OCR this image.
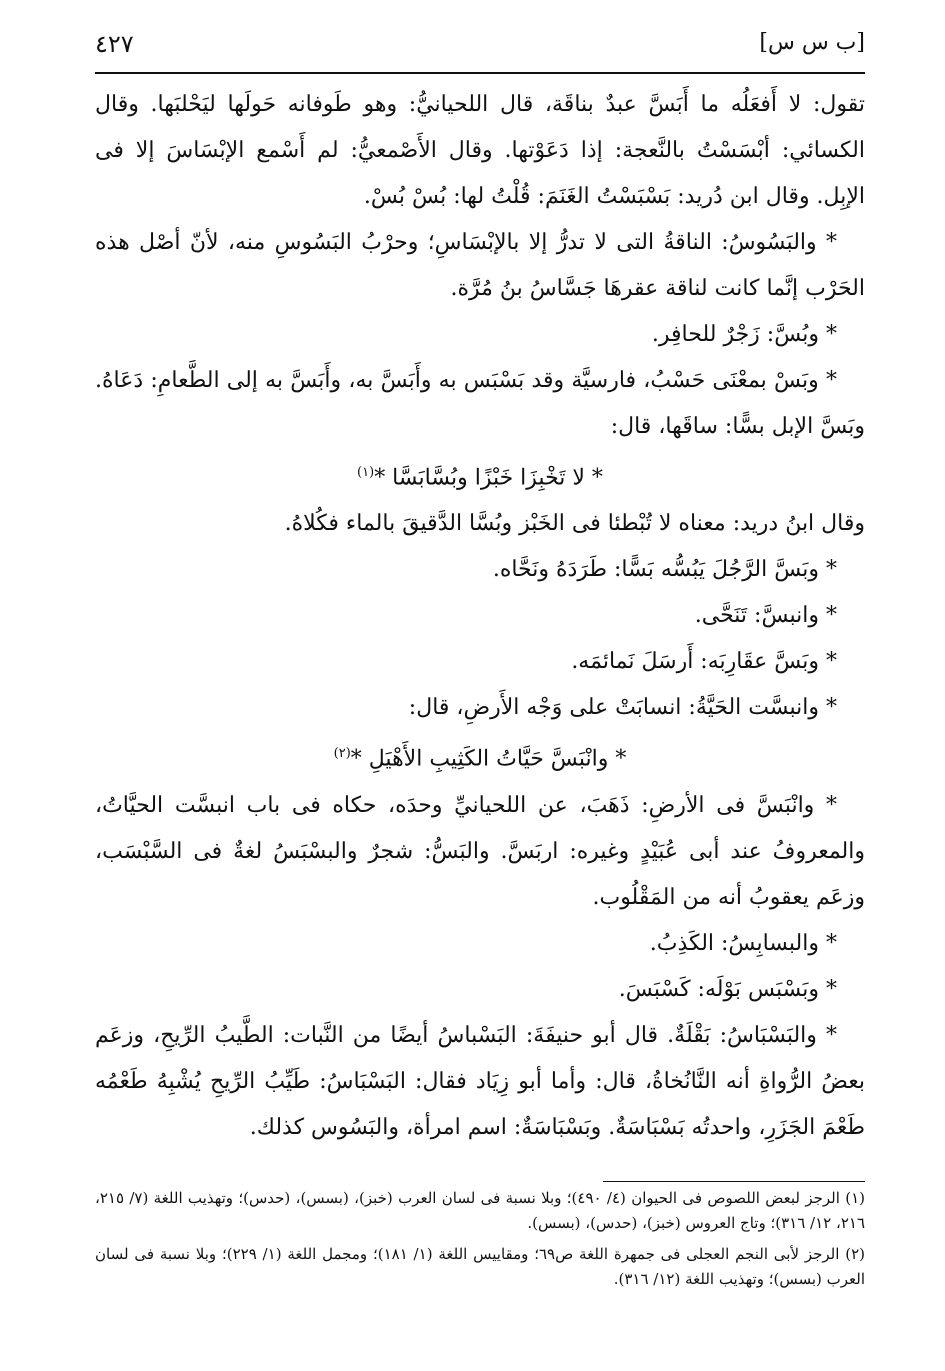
٤٢٧	[ب س س]

تقول: لا أَفعَلُه ما أَبَسَّ عبدٌ بناقَة، قال اللحيانيُّ: وهو طَوفانه حَولَها ليَحْلبَها. وقال الكسائي: أبْسَسْتُ بالنَّعجة: إذا دَعَوْتها. وقال الأَصْمعيُّ: لم أَسْمع الإبْسَاسَ إلا فى الإبِل. وقال ابن دُريد: بَسْبَسْتُ الغَنَمَ: قُلْتُ لها: بُسْ بُسْ.

* والبَسُوسُ: الناقةُ التى لا تدرُّ إلا بالإبْسَاسِ؛ وحرْبُ البَسُوسِ منه، لأنّ أصْل هذه الحَرْب إنَّما كانت لناقة عقرهَا جَسَّاسُ بنُ مُرَّة.

* وبُسَّ: زَجْرٌ للحافِر.

* وبَسْ بمعْنَى حَسْبُ، فارسيَّة وقد بَسْبَس به وأَبَسَّ به، وأَبَسَّ به إلى الطَّعامِ: دَعَاهُ. وبَسَّ الإبل بسًّا: ساقَها، قال:

* لا تَخْبِزَا خَبْزًا وبُسَّابَسَّا *$^{(١)}$

وقال ابنُ دريد: معناه لا تُبْطئا فى الخَبْز وبُسَّا الدَّقيقَ بالماء فكُلاهُ.

* وبَسَّ الرَّجُلَ يَبُسُّه بَسًّا: طَرَدَهُ ونَحَّاه.

* وانبسَّ: تَنَحَّى.

* وبَسَّ عقَارِبَه: أَرسَلَ نَمائمَه.

* وانبسَّت الحَيَّةُ: انسابَتْ على وَجْه الأَرضِ، قال:

* وانْبَسَّ حَيَّاتُ الكَثِيبِ الأَهْيَلِ *$^{(٢)}$

* وانْبَسَّ فى الأرضِ: ذَهَبَ، عن اللحيانيِّ وحدَه، حكاه فى باب انبسَّت الحيَّاتُ، والمعروفُ عند أبى عُبَيْدٍ وغيره: اربَسَّ. والبَسُّ: شجرٌ والبسْبَسُ لغةٌ فى السَّبْسَب، وزعَم يعقوبُ أنه من المَقْلُوب.

* والبسابِسُ: الكَذِبُ.

* وبَسْبَس بَوْلَه: كَسْبَسَ.

* والبَسْبَاسُ: بَقْلَةٌ. قال أبو حنيفَةَ: البَسْباسُ أيضًا من النَّبات: الطَّيبُ الرِّيحِ، وزعَم بعضُ الرُّواةِ أنه النَّانُخاةُ، قال: وأما أبو زِيَاد فقال: البَسْبَاسُ: طَيِّبُ الرِّيحِ يُشْبِهُ طَعْمُه طَعْمَ الجَزَرِ، واحدتُه بَسْبَاسَةٌ. وبَسْبَاسَةٌ: اسم امرأة، والبَسُوس كذلك.

(١) الرجز لبعض اللصوص فى الحيوان (٤/ ٤٩٠)؛ وبلا نسبة فى لسان العرب (خبز)، (بسس)، (حدس)؛ وتهذيب اللغة (٧/ ٢١٥، ٢١٦، ١٢/ ٣١٦)؛ وتاج العروس (خبز)، (حدس)، (بسس).

(٢) الرجز لأبى النجم العجلى فى جمهرة اللغة ص٦٩؛ ومقاييس اللغة (١/ ١٨١)؛ ومجمل اللغة (١/ ٢٢٩)؛ وبلا نسبة فى لسان العرب (بسس)؛ وتهذيب اللغة (١٢/ ٣١٦).
